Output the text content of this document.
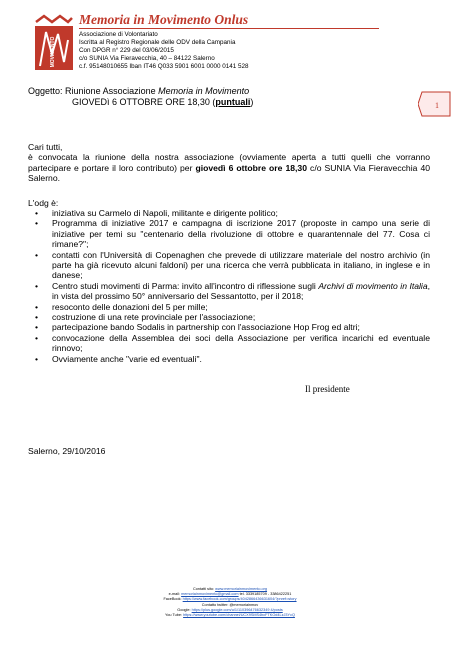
MOVIMENTO
Memoria in Movimento Onlus
Associazione di Volontariato
Iscritta al Registro Regionale delle ODV della Campania
Con DPGR n° 229 del 03/06/2015
c/o SUNIA Via Fieravecchia, 40 – 84122 Salerno
c.f. 95148010655 Iban IT46 Q033 5901 6001 0000 0141 528
Oggetto: Riunione Associazione Memoria in Movimento
GIOVEDì 6 OTTOBRE ORE 18,30 (puntuali)	1

Cari tutti,

è convocata la riunione della nostra associazione (ovviamente aperta a tutti quelli che vorranno partecipare e portare il loro contributo) per giovedì 6 ottobre ore 18,30 c/o SUNIA Via Fieravecchia 40 Salerno.

L'odg è:
• iniziativa su Carmelo di Napoli, militante e dirigente politico;
• Programma di iniziative 2017 e campagna di iscrizione 2017 (proposte in campo una serie di iniziative per temi su "centenario della rivoluzione di ottobre e quarantennale del 77. Cosa ci rimane?";
• contatti con l'Università di Copenaghen che prevede di utilizzare materiale del nostro archivio (in parte ha già ricevuto alcuni faldoni) per una ricerca che verrà pubblicata in italiano, in inglese e in danese;
• Centro studi movimenti di Parma: invito all'incontro di riflessione sugli Archivi di movimento in Italia, in vista del prossimo 50° anniversario del Sessantotto, per il 2018;
• resoconto delle donazioni del 5 per mille;
• costruzione di una rete provinciale per l'associazione;
• partecipazione bando Sodalis in partnership con l'associazione Hop Frog ed altri;
• convocazione della Assemblea dei soci della Associazione per verifica incarichi ed eventuale rinnovo;
• Ovviamente anche "varie ed eventuali".
Il presidente
Salerno, 29/10/2016
Contatti sito: www.memoriainmovimento.org
e-mail: memoriainmovimento@gmail.com tel. 3339185709 - 3386422251
FaceBook: https://www.facebook.com/groups/4042866436631604/?pnref=story
Contatto twitter: @memoriainmov
Google: https://plus.google.com/u/1/110396476632349 4/posts
You Tube: https://www.youtube.com/channel/UCX9SMS4bcFTKOd4LzJ3YcQ
